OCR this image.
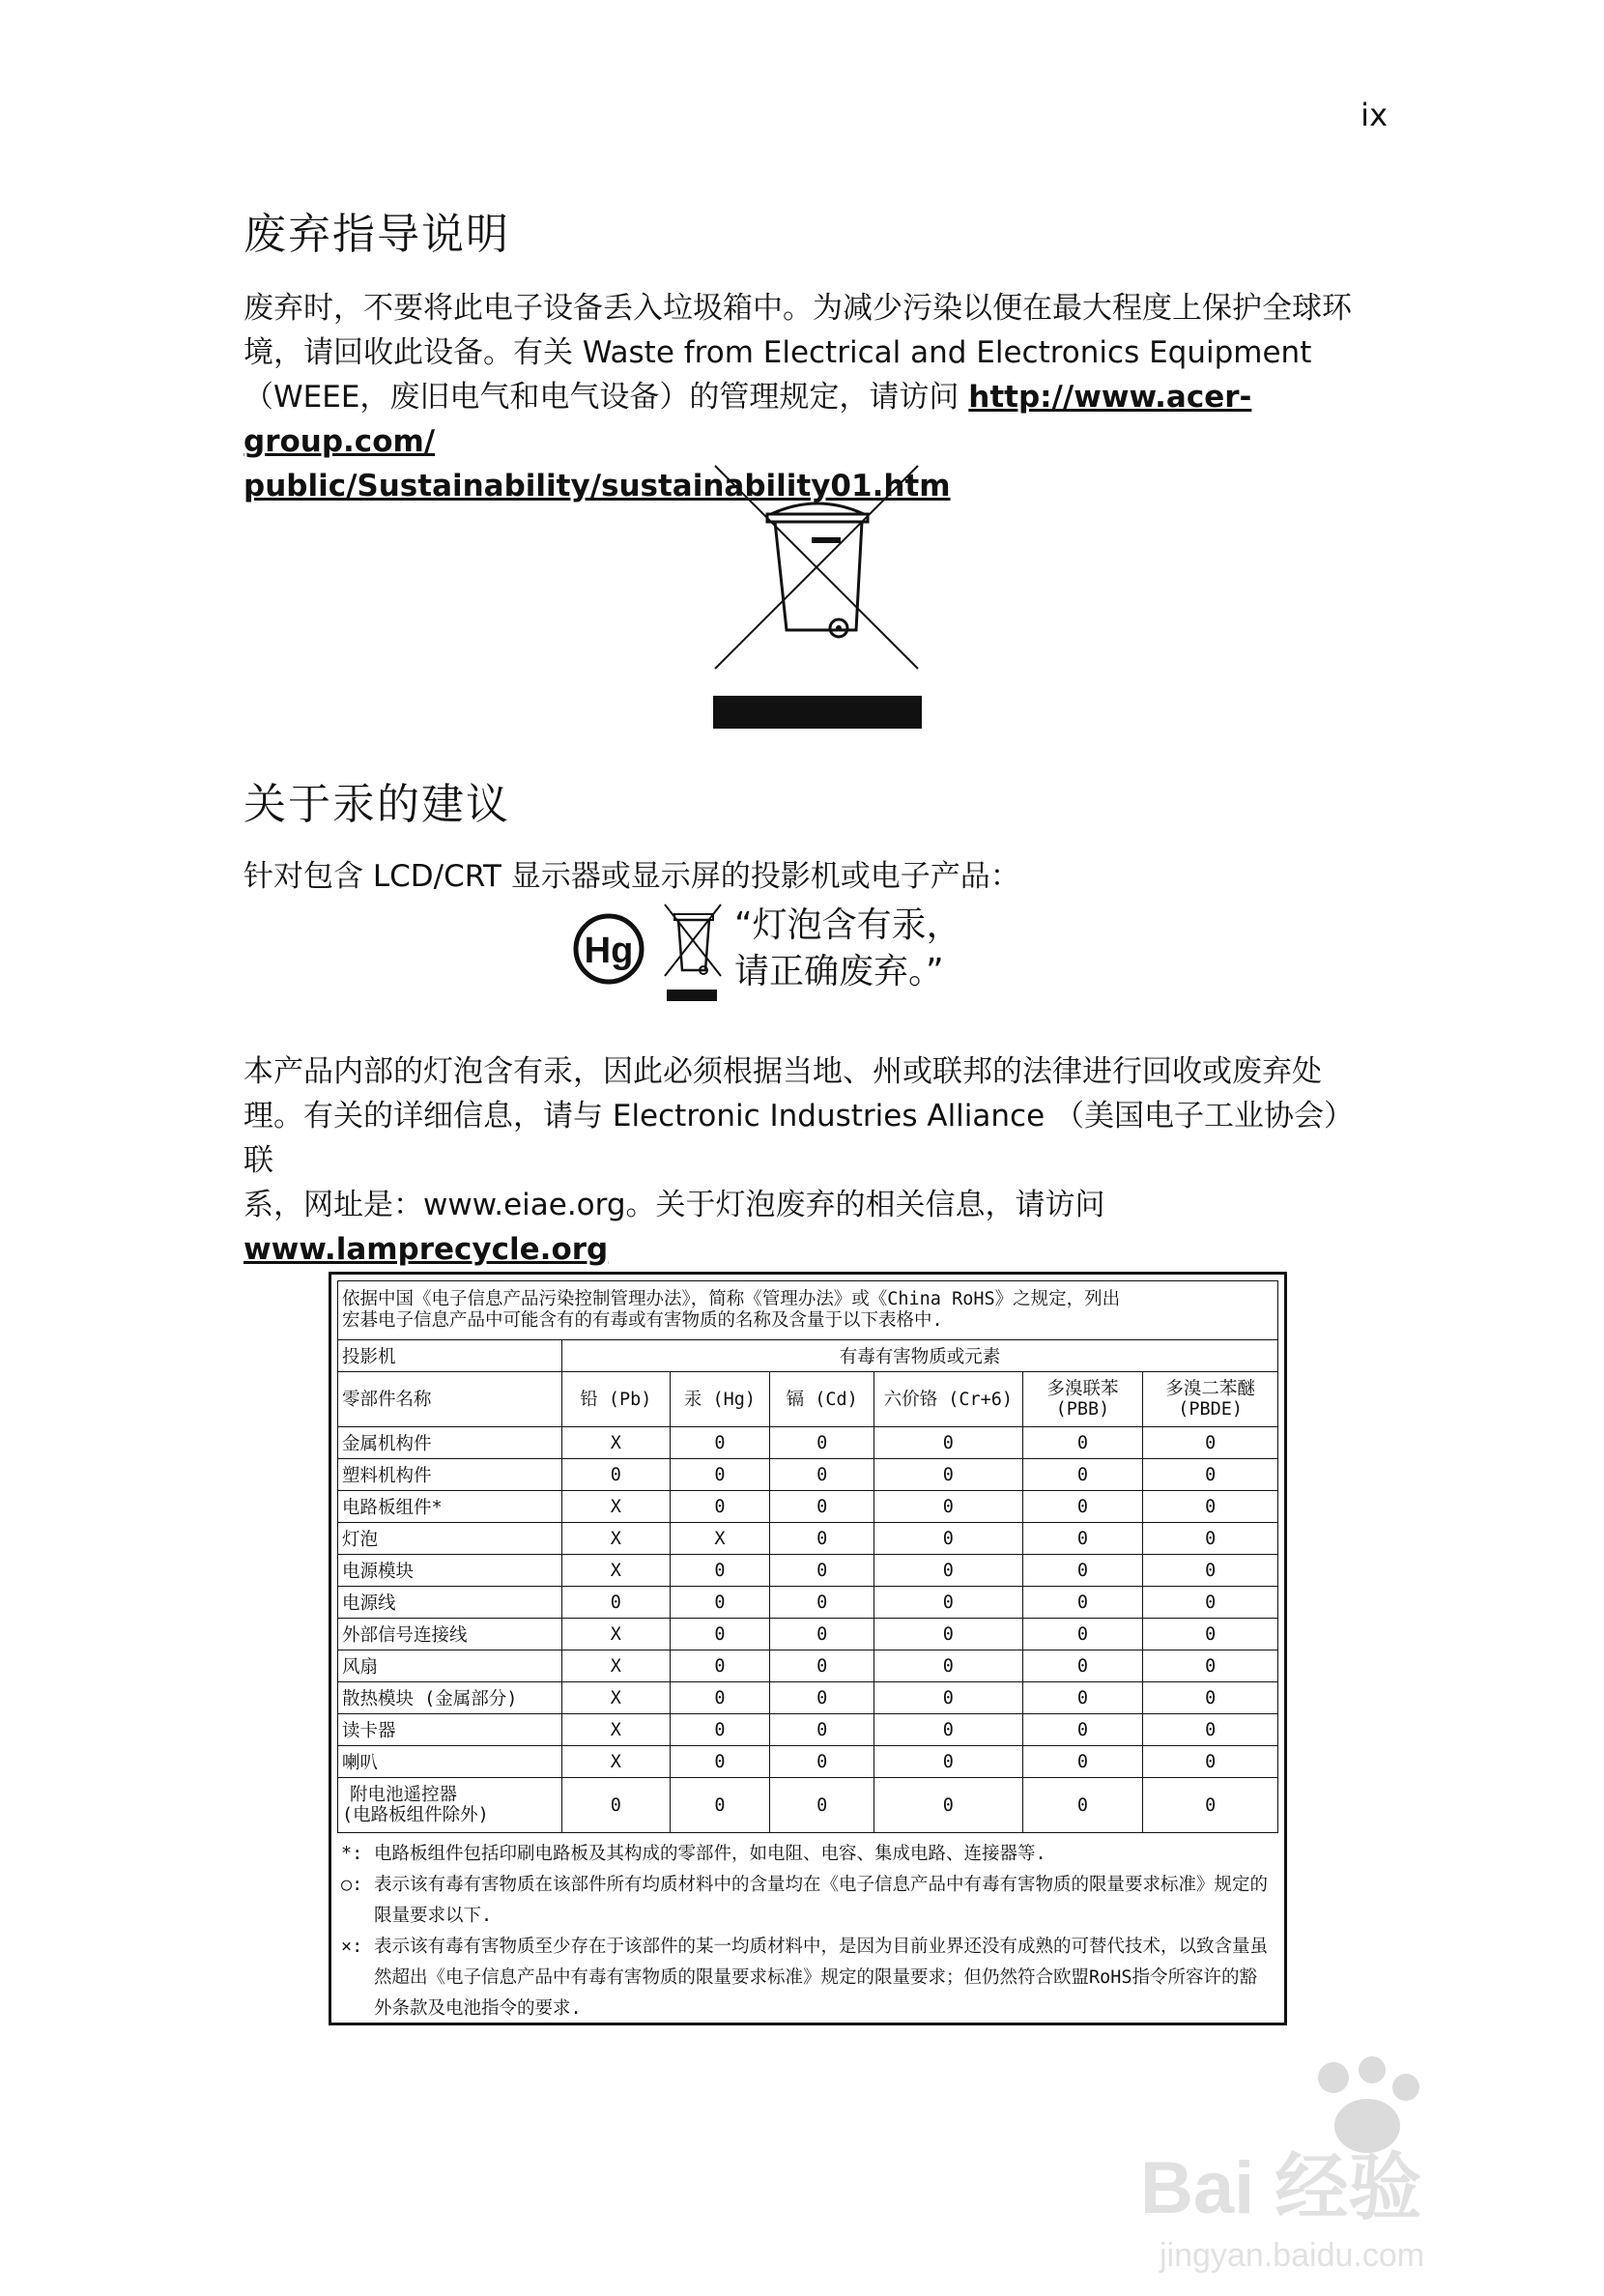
ix
废弃指导说明

废弃时，不要将此电子设备丢入垃圾箱中。为减少污染以便在最大程度上保护全球环

境，请回收此设备。有关 Waste from Electrical and Electronics Equipment

（WEEE，废旧电气和电气设备）的管理规定，请访问 http://www.acer-group.com/

public/Sustainability/sustainability01.htm

关于汞的建议

针对包含 LCD/CRT 显示器或显示屏的投影机或电子产品：

Hg
“灯泡含有汞，
请正确废弃。”

本产品内部的灯泡含有汞，因此必须根据当地、州或联邦的法律进行回收或废弃处

理。有关的详细信息，请与 Electronic Industries Alliance （美国电子工业协会）联

系，网址是：www.eiae.org。关于灯泡废弃的相关信息，请访问

www.lamprecycle.org

依据中国《电子信息产品污染控制管理办法》，简称《管理办法》或《China RoHS》之规定，列出
宏碁电子信息产品中可能含有的有毒或有害物质的名称及含量于以下表格中.						

投影机	有毒有害物质或元素					
零部件名称	铅 (Pb)	汞 (Hg)	镉 (Cd)	六价铬 (Cr+6)	多溴联苯 (PBB)	多溴二苯醚 (PBDE)
金属机构件	X	0	0	0	0	0
塑料机构件	0	0	0	0	0	0
电路板组件*	X	0	0	0	0	0
灯泡	X	X	0	0	0	0
电源模块	X	0	0	0	0	0
电源线	0	0	0	0	0	0
外部信号连接线	X	0	0	0	0	0
风扇	X	0	0	0	0	0
散热模块 (金属部分)	X	0	0	0	0	0
读卡器	X	0	0	0	0	0
喇叭	X	0	0	0	0	0

附电池遥控器
(电路板组件除外)	0	0	0	0	0	0
*: 电路板组件包括印刷电路板及其构成的零部件，如电阻、电容、集成电路、连接器等.
○: 表示该有毒有害物质在该部件所有均质材料中的含量均在《电子信息产品中有毒有害物质的限量要求标准》规定的限量要求以下.
×: 表示该有毒有害物质至少存在于该部件的某一均质材料中，是因为目前业界还没有成熟的可替代技术，以致含量虽然超出《电子信息产品中有毒有害物质的限量要求标准》规定的限量要求；但仍然符合欧盟RoHS指令所容许的豁外条款及电池指令的要求.
Bai 经验
jingyan.baidu.com
